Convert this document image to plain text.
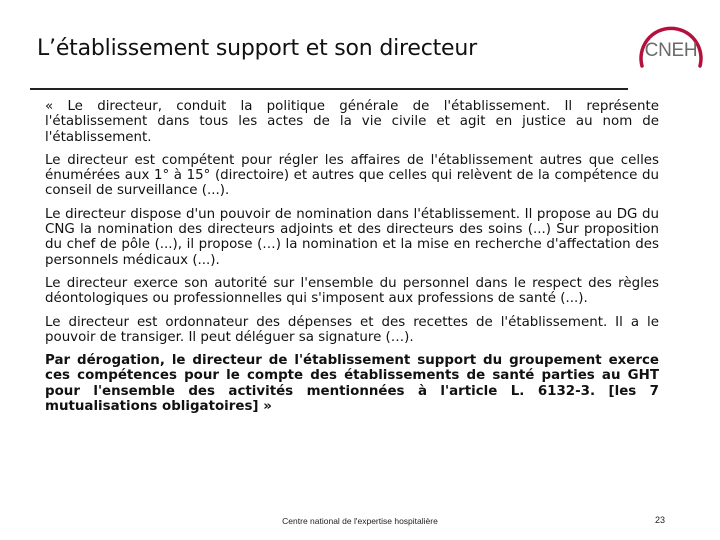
L’établissement support et son directeur	CNEH

« Le directeur, conduit la politique générale de l'établissement. Il représente l'établissement dans tous les actes de la vie civile et agit en justice au nom de l'établissement.

Le directeur est compétent pour régler les affaires de l'établissement autres que celles énumérées aux 1° à 15° (directoire) et autres que celles qui relèvent de la compétence du conseil de surveillance (...).

Le directeur dispose d'un pouvoir de nomination dans l'établissement. Il propose au DG du CNG la nomination des directeurs adjoints et des directeurs des soins (...) Sur proposition du chef de pôle (...), il propose (…) la nomination et la mise en recherche d'affectation des personnels médicaux (...).

Le directeur exerce son autorité sur l'ensemble du personnel dans le respect des règles déontologiques ou professionnelles qui s'imposent aux professions de santé (...).

Le directeur est ordonnateur des dépenses et des recettes de l'établissement. Il a le pouvoir de transiger. Il peut déléguer sa signature (…).

Par dérogation, le directeur de l'établissement support du groupement exerce ces compétences pour le compte des établissements de santé parties au GHT pour l'ensemble des activités mentionnées à l'article L. 6132-3. [les 7 mutualisations obligatoires] »

Centre national de l'expertise hospitalière	23
